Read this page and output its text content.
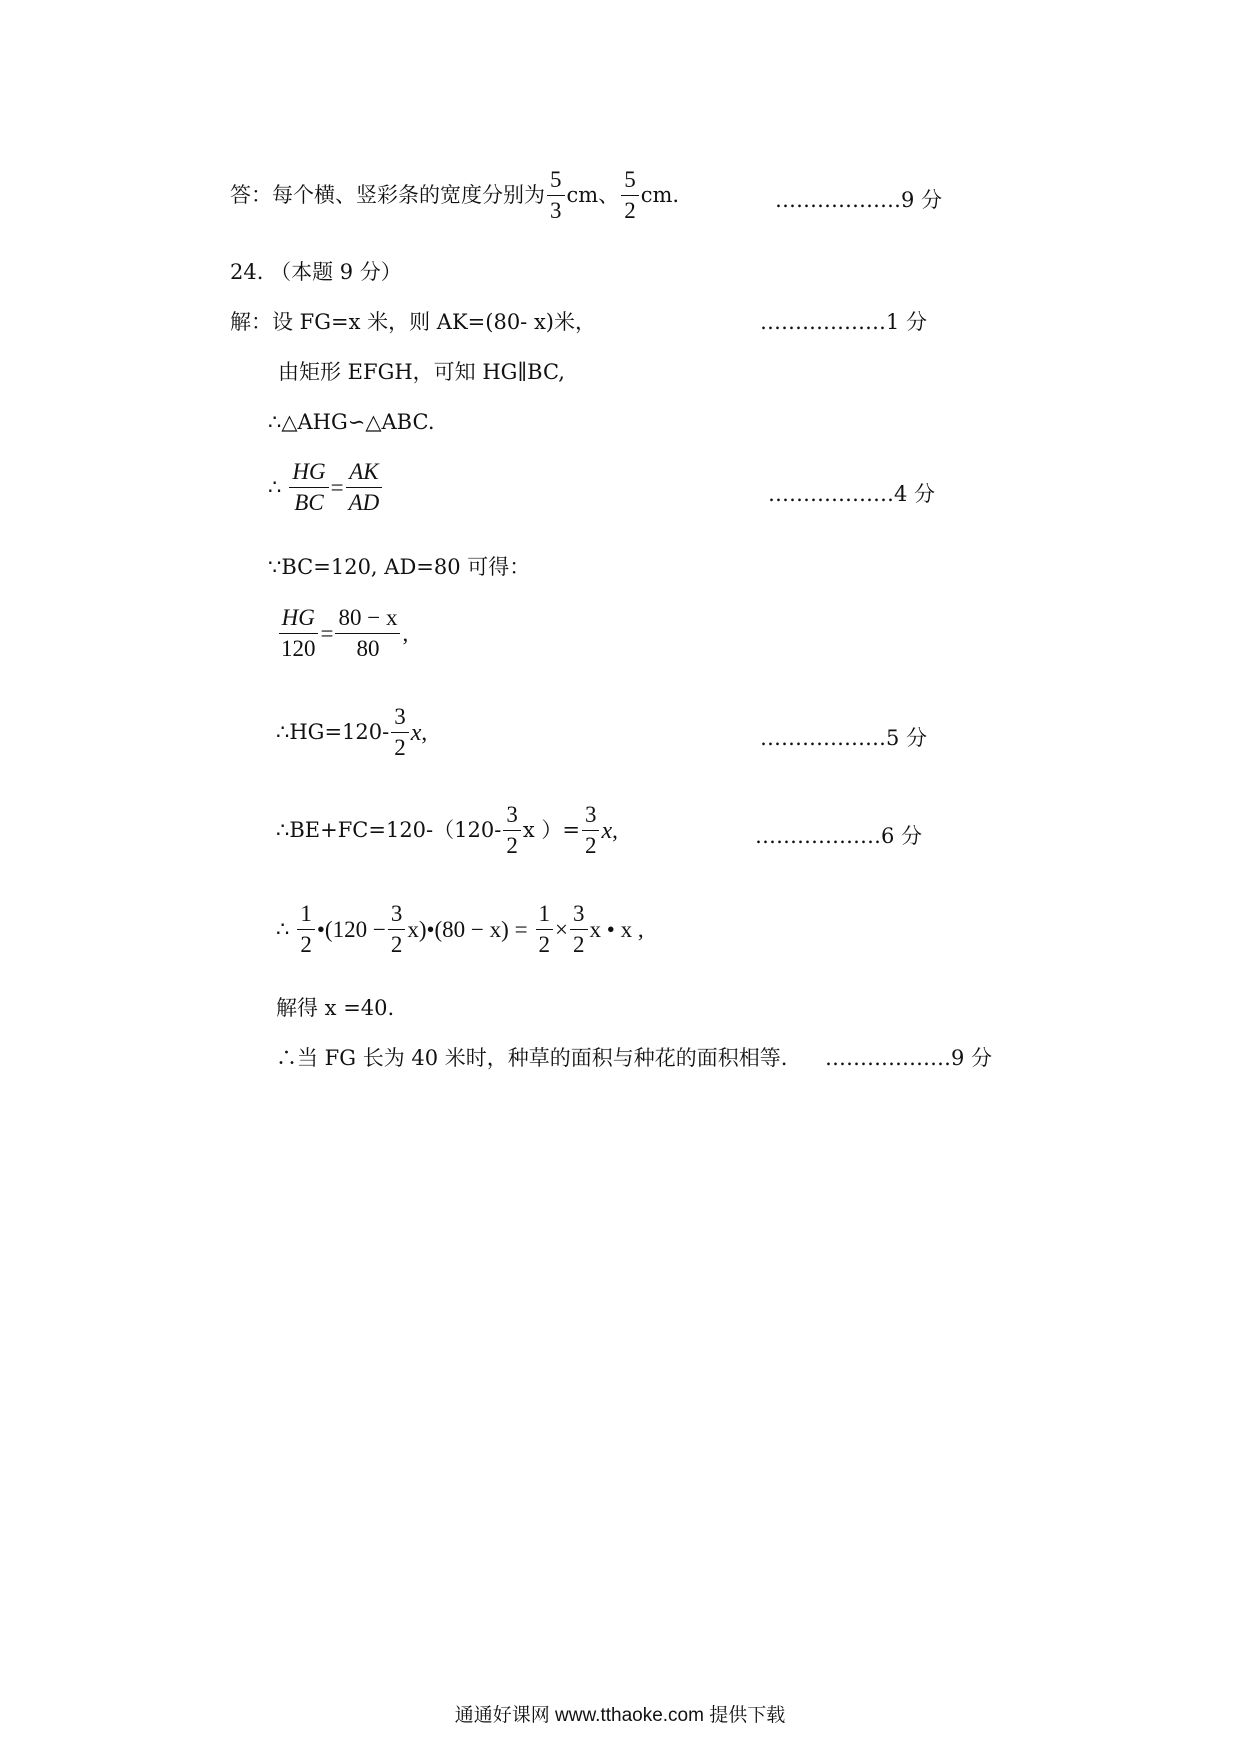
答：每个横、竖彩条的宽度分别为 $\frac{5}{3}$ cm、 $\frac{5}{2}$ cm.	………………9 分
24. （本题 9 分）
解：设 FG=x 米，则 AK=(80- x)米，	………………1 分
由矩形 EFGH，可知 HG∥BC,
∴△AHG∽△ABC.
∴ $\frac{HG}{BC} = \frac{AK}{AD}$	………………4 分
∵BC=120, AD=80 可得：
$\frac{HG}{120} = \frac{80 - x}{80}$ ,
∴HG=120- $\frac{3}{2}$ x ,	………………5 分
∴BE+FC=120-（120- $\frac{3}{2}$ x ）= $\frac{3}{2}$ x ,	………………6 分
∴ $\frac{1}{2}$ •(120 − $\frac{3}{2}$ x)•(80 − $x) = \frac{1}{2} \times \frac{3}{2}$ x • x ,
解得 x =40.
∴当 FG 长为 40 米时，种草的面积与种花的面积相等. ………………9 分
通通好课网 www.tthaoke.com 提供下载
